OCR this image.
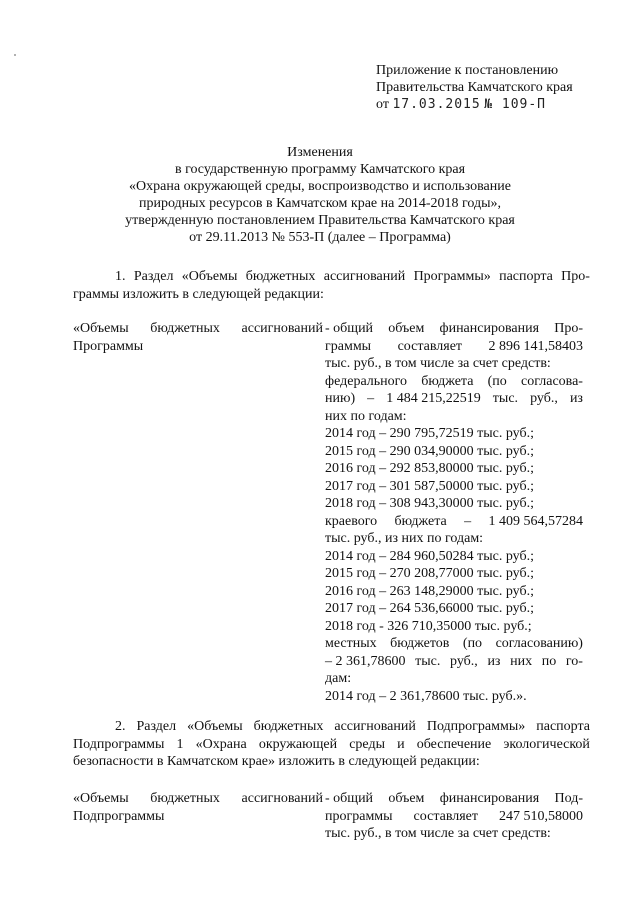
Приложение к постановлению
Правительства Камчатского края
от 17.03.2015 № 109-П
Изменения
в государственную программу Камчатского края
«Охрана окружающей среды, воспроизводство и использование
природных ресурсов в Камчатском крае на 2014-2018 годы»,
утвержденную постановлением Правительства Камчатского края
от 29.11.2013 № 553-П (далее – Программа)
1. Раздел «Объемы бюджетных ассигнований Программы» паспорта Про-
граммы изложить в следующей редакции:
«Объемы бюджетных ассигнований
Программы
- общий объем финансирования Про-
граммы составляет 2 896 141,58403
тыс. руб., в том числе за счет средств:
федерального бюджета (по согласова-
нию) – 1 484 215,22519 тыс. руб., из
них по годам:
2014 год – 290 795,72519 тыс. руб.;
2015 год – 290 034,90000 тыс. руб.;
2016 год – 292 853,80000 тыс. руб.;
2017 год – 301 587,50000 тыс. руб.;
2018 год – 308 943,30000 тыс. руб.;
краевого бюджета – 1 409 564,57284
тыс. руб., из них по годам:
2014 год – 284 960,50284 тыс. руб.;
2015 год – 270 208,77000 тыс. руб.;
2016 год – 263 148,29000 тыс. руб.;
2017 год – 264 536,66000 тыс. руб.;
2018 год - 326 710,35000 тыс. руб.;
местных бюджетов (по согласованию)
– 2 361,78600 тыс. руб., из них по го-
дам:
2014 год – 2 361,78600 тыс. руб.».
2. Раздел «Объемы бюджетных ассигнований Подпрограммы» паспорта
Подпрограммы 1 «Охрана окружающей среды и обеспечение экологической
безопасности в Камчатском крае» изложить в следующей редакции:
«Объемы бюджетных ассигнований
Подпрограммы
- общий объем финансирования Под-
программы составляет 247 510,58000
тыс. руб., в том числе за счет средств:
